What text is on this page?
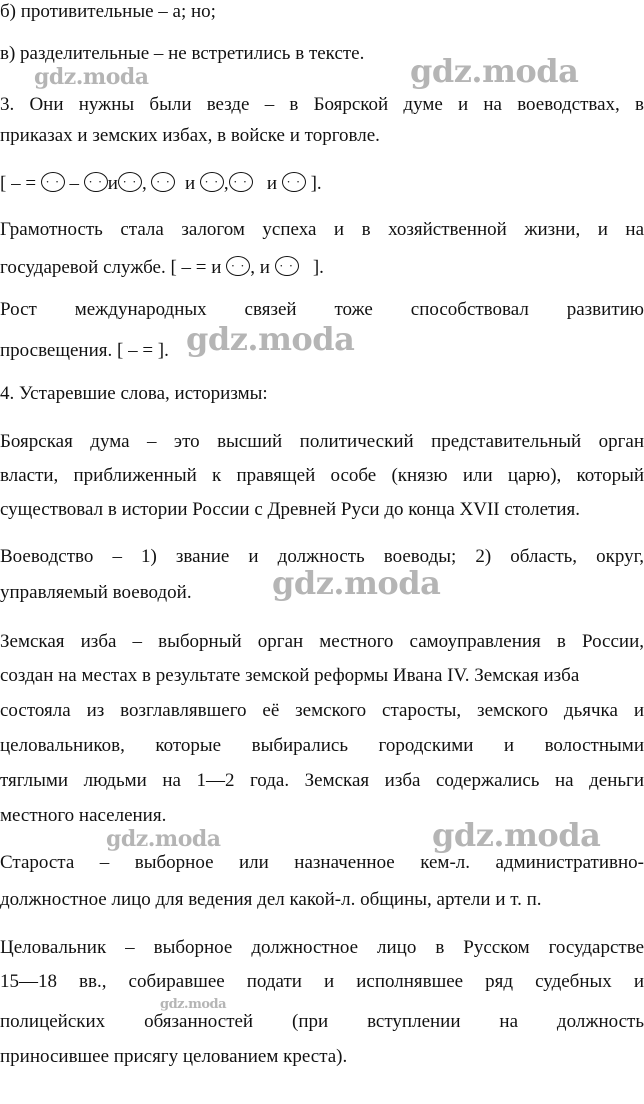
б) противительные – а; но;
в) разделительные – не встретились в тексте.
3. Они нужны были везде – в Боярской думе и на воеводствах, в
приказах и земских избах, в войске и торговле.
[ – = · · – · · и · · , · · и · · , · · и · · ].
Грамотность стала залогом успеха и в хозяйственной жизни, и на
государевой службе. [ – = и · · , и · · ].
Рост международных связей тоже способствовал развитию
просвещения. [ – = ].
4. Устаревшие слова, историзмы:
Боярская дума – это высший политический представительный орган
власти, приближенный к правящей особе (князю или царю), который
существовал в истории России с Древней Руси до конца XVII столетия.
Воеводство – 1) звание и должность воеводы; 2) область, округ,
управляемый воеводой.
Земская изба – выборный орган местного самоуправления в России,
создан на местах в результате земской реформы Ивана IV. Земская изба
состояла из возглавлявшего её земского старосты, земского дьячка и
целовальников, которые выбирались городскими и волостными
тяглыми людьми на 1—2 года. Земская изба содержались на деньги
местного населения.
Староста – выборное или назначенное кем-л. административно-
должностное лицо для ведения дел какой-л. общины, артели и т. п.
Целовальник – выборное должностное лицо в Русском государстве
15—18 вв., собиравшее подати и исполнявшее ряд судебных и
полицейских обязанностей (при вступлении на должность
приносившее присягу целованием креста).
gdz.moda	gdz.moda
gdz.moda
gdz.moda
gdz.moda	gdz.moda
gdz.moda
